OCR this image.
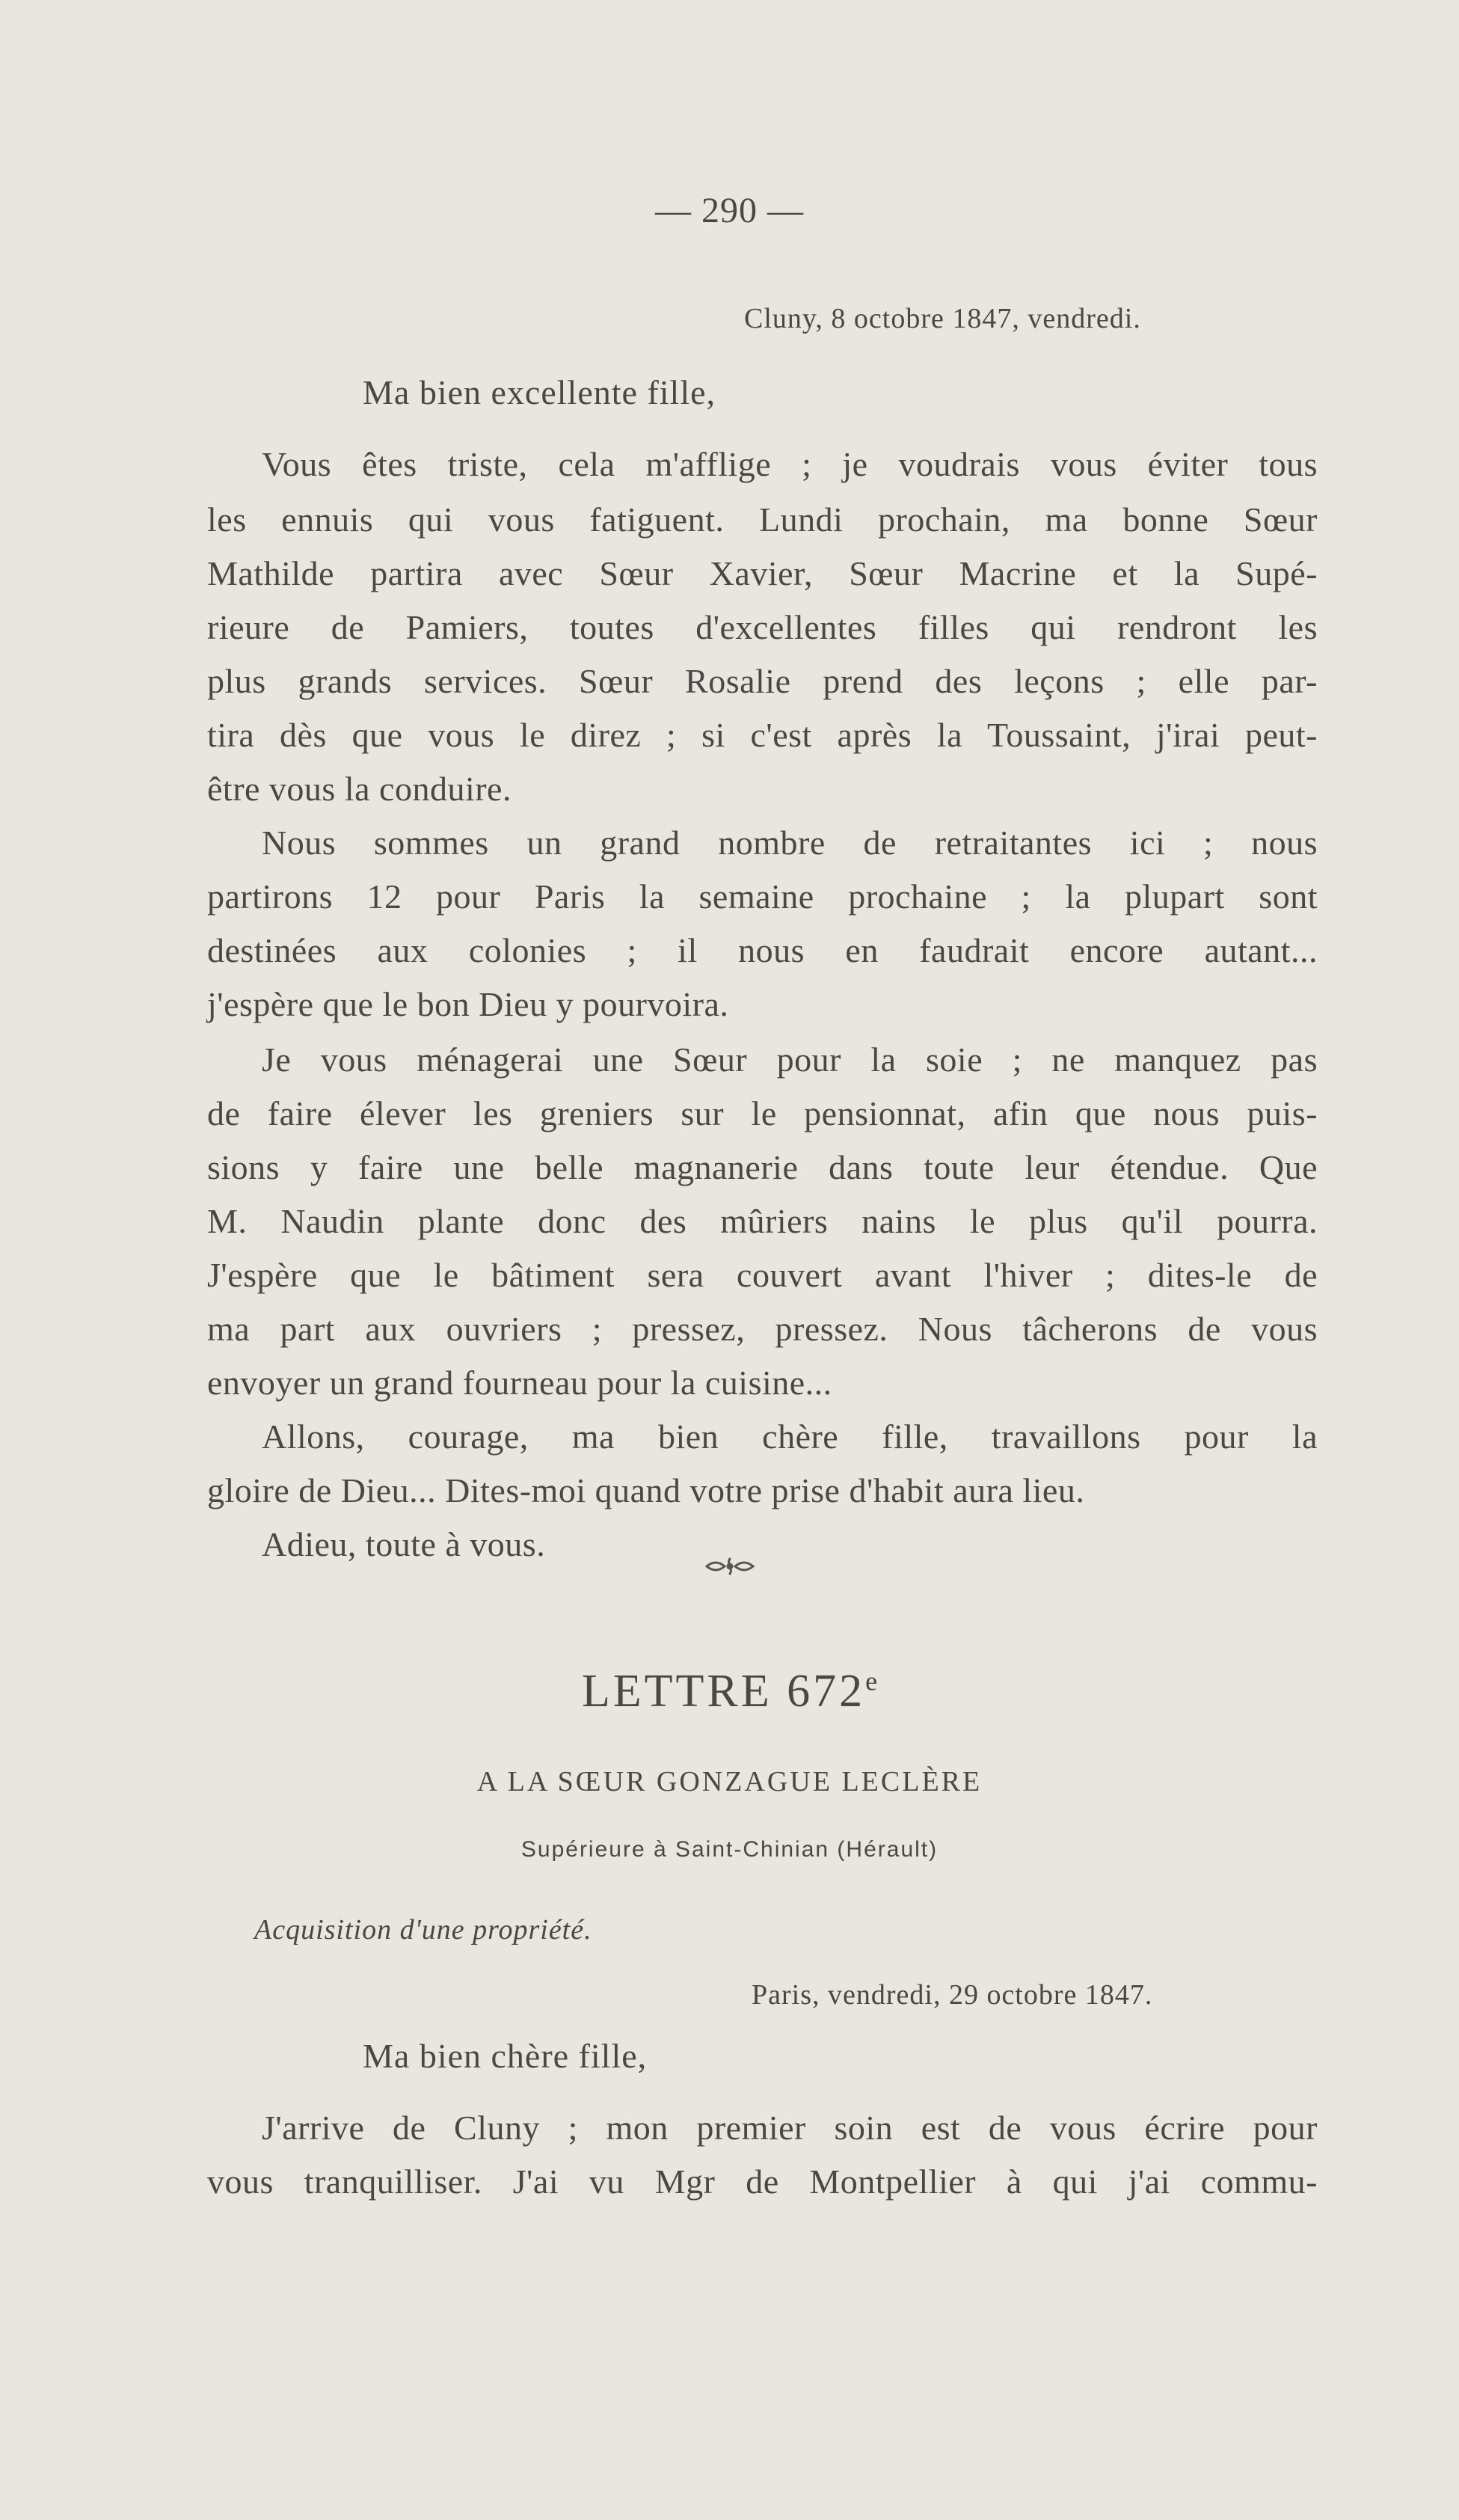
— 290 —
Cluny, 8 octobre 1847, vendredi.
Ma bien excellente fille,
Vous êtes triste, cela m'afflige ; je voudrais vous éviter tous
les ennuis qui vous fatiguent. Lundi prochain, ma bonne Sœur
Mathilde partira avec Sœur Xavier, Sœur Macrine et la Supé-
rieure de Pamiers, toutes d'excellentes filles qui rendront les
plus grands services. Sœur Rosalie prend des leçons ; elle par-
tira dès que vous le direz ; si c'est après la Toussaint, j'irai peut-
être vous la conduire.
Nous sommes un grand nombre de retraitantes ici ; nous
partirons 12 pour Paris la semaine prochaine ; la plupart sont
destinées aux colonies ; il nous en faudrait encore autant...
j'espère que le bon Dieu y pourvoira.
Je vous ménagerai une Sœur pour la soie ; ne manquez pas
de faire élever les greniers sur le pensionnat, afin que nous puis-
sions y faire une belle magnanerie dans toute leur étendue. Que
M. Naudin plante donc des mûriers nains le plus qu'il pourra.
J'espère que le bâtiment sera couvert avant l'hiver ; dites-le de
ma part aux ouvriers ; pressez, pressez. Nous tâcherons de vous
envoyer un grand fourneau pour la cuisine...
Allons, courage, ma bien chère fille, travaillons pour la
gloire de Dieu... Dites-moi quand votre prise d'habit aura lieu.
Adieu, toute à vous.
LETTRE 672e
A LA SŒUR GONZAGUE LECLÈRE
Supérieure à Saint-Chinian (Hérault)
Acquisition d'une propriété.
Paris, vendredi, 29 octobre 1847.
Ma bien chère fille,
J'arrive de Cluny ; mon premier soin est de vous écrire pour
vous tranquilliser. J'ai vu Mgr de Montpellier à qui j'ai commu-
